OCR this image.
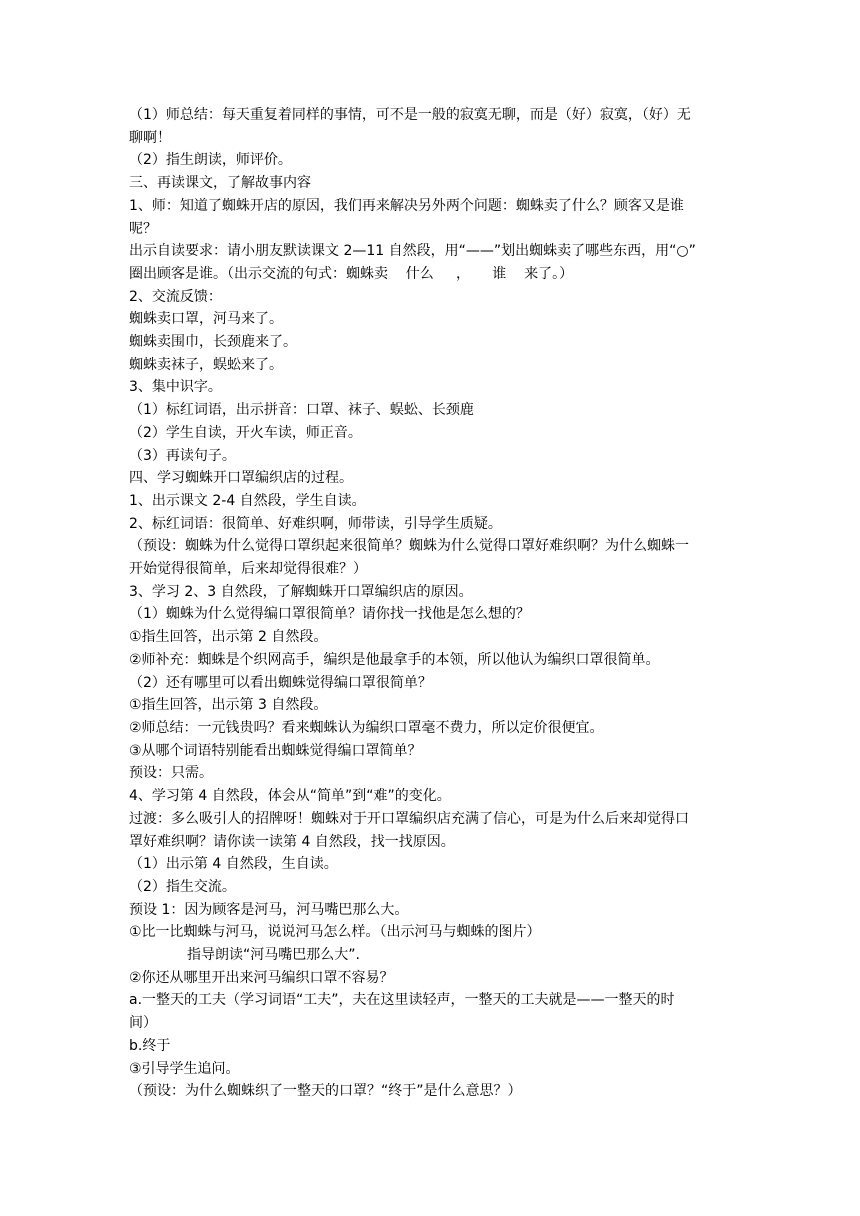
（1）师总结：每天重复着同样的事情，可不是一般的寂寞无聊，而是（好）寂寞，（好）无

聊啊！

（2）指生朗读，师评价。

三、再读课文，了解故事内容

1、师：知道了蜘蛛开店的原因，我们再来解决另外两个问题：蜘蛛卖了什么？顾客又是谁

呢？

出示自读要求：请小朋友默读课文 2—11 自然段，用“——”划出蜘蛛卖了哪些东西，用“○”

圈出顾客是谁。（出示交流的句式：蜘蛛卖    什么     ，     谁    来了。）

2、交流反馈：

蜘蛛卖口罩，河马来了。

蜘蛛卖围巾，长颈鹿来了。

蜘蛛卖袜子，蜈蚣来了。

3、集中识字。

（1）标红词语，出示拼音：口罩、袜子、蜈蚣、长颈鹿

（2）学生自读，开火车读，师正音。

（3）再读句子。

四、学习蜘蛛开口罩编织店的过程。

1、出示课文 2-4 自然段，学生自读。

2、标红词语：很简单、好难织啊，师带读，引导学生质疑。

（预设：蜘蛛为什么觉得口罩织起来很简单？蜘蛛为什么觉得口罩好难织啊？为什么蜘蛛一

开始觉得很简单，后来却觉得很难？）

3、学习 2、3 自然段，了解蜘蛛开口罩编织店的原因。

（1）蜘蛛为什么觉得编口罩很简单？请你找一找他是怎么想的？

①指生回答，出示第 2 自然段。

②师补充：蜘蛛是个织网高手，编织是他最拿手的本领，所以他认为编织口罩很简单。

（2）还有哪里可以看出蜘蛛觉得编口罩很简单？

①指生回答，出示第 3 自然段。

②师总结：一元钱贵吗？看来蜘蛛认为编织口罩毫不费力，所以定价很便宜。

③从哪个词语特别能看出蜘蛛觉得编口罩简单？

预设：只需。

4、学习第 4 自然段，体会从“简单”到“难”的变化。

过渡：多么吸引人的招牌呀！蜘蛛对于开口罩编织店充满了信心，可是为什么后来却觉得口

罩好难织啊？请你读一读第 4 自然段，找一找原因。

（1）出示第 4 自然段，生自读。

（2）指生交流。

预设 1：因为顾客是河马，河马嘴巴那么大。

①比一比蜘蛛与河马，说说河马怎么样。（出示河马与蜘蛛的图片）

指导朗读“河马嘴巴那么大”.

②你还从哪里开出来河马编织口罩不容易？

a.一整天的工夫（学习词语“工夫”，夫在这里读轻声，一整天的工夫就是——一整天的时

间）

b.终于

③引导学生追问。

（预设：为什么蜘蛛织了一整天的口罩？“终于”是什么意思？）
